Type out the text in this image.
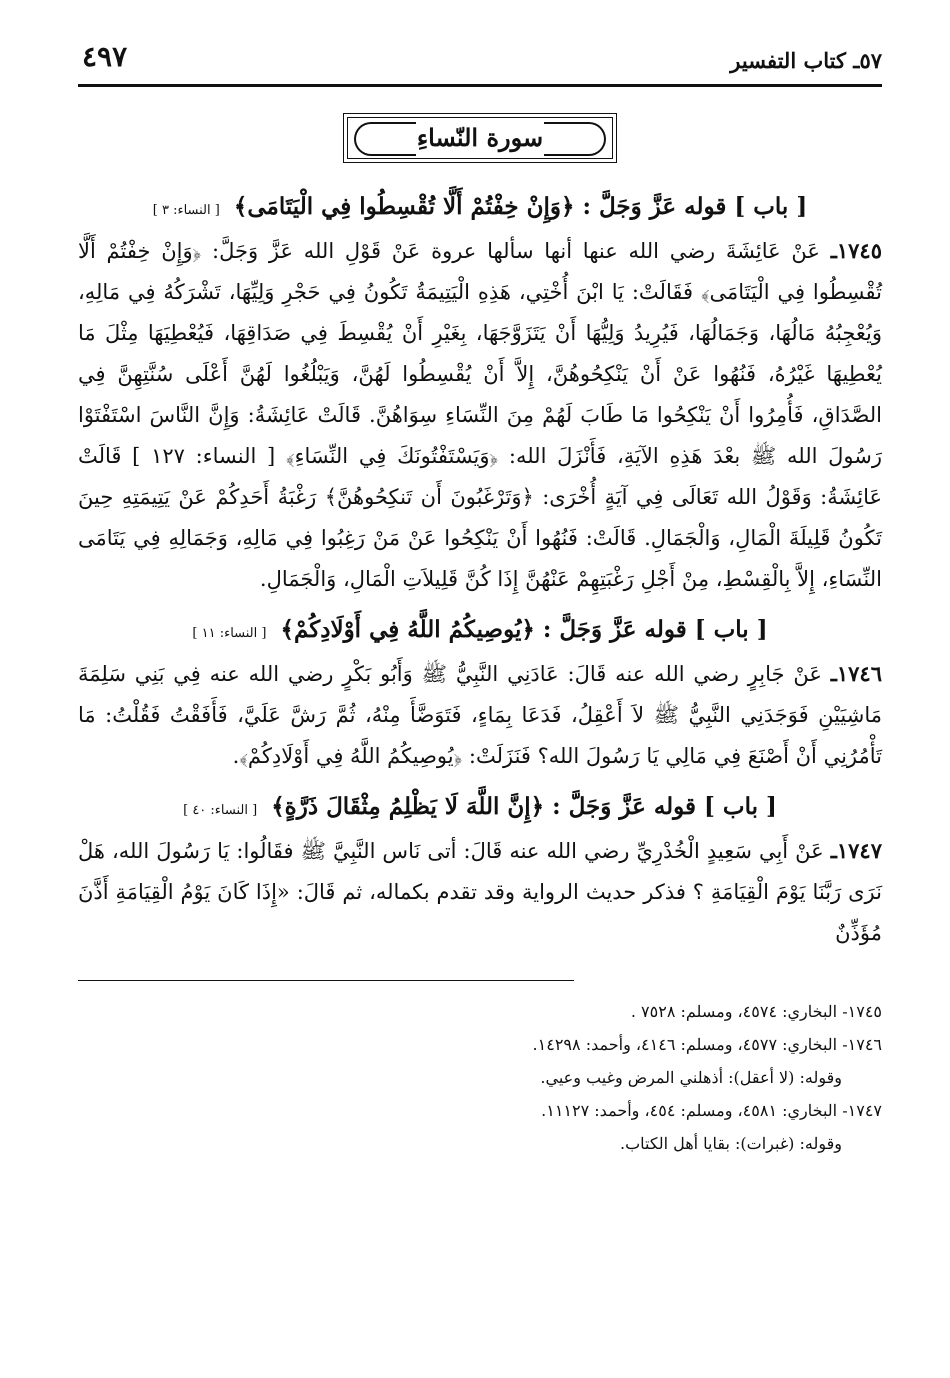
٥٧ـ كتاب التفسير
٤٩٧
سورة النّساءِ
[ باب ] قوله عَزَّ وَجَلَّ : ﴿وَإِنْ خِفْتُمْ أَلَّا تُقْسِطُوا فِي الْيَتَامَى﴾ [ النساء: ٣ ]

١٧٤٥ـ عَنْ عَائِشَةَ رضي الله عنها أنها سألها عروة عَنْ قَوْلِ الله عَزَّ وَجَلَّ: ﴿وَإِنْ خِفْتُمْ أَلَّا تُقْسِطُوا فِي الْيَتَامَى﴾ فَقَالَتْ: يَا ابْنَ أُخْتِي، هَذِهِ الْيَتِيمَةُ تَكُونُ فِي حَجْرِ وَلِيِّهَا، تَشْرَكُهُ فِي مَالِهِ، وَيُعْجِبُهُ مَالُهَا، وَجَمَالُهَا، فَيُرِيدُ وَلِيُّهَا أَنْ يَتَزَوَّجَهَا، بِغَيْرِ أَنْ يُقْسِطَ فِي صَدَاقِهَا، فَيُعْطِيَهَا مِثْلَ مَا يُعْطِيهَا غَيْرُهُ، فَنُهُوا عَنْ أَنْ يَنْكِحُوهُنَّ، إِلاَّ أَنْ يُقْسِطُوا لَهُنَّ، وَيَبْلُغُوا لَهُنَّ أَعْلَى سُنَّتِهِنَّ فِي الصَّدَاقِ، فَأُمِرُوا أَنْ يَنْكِحُوا مَا طَابَ لَهُمْ مِنَ النِّسَاءِ سِوَاهُنَّ. قَالَتْ عَائِشَةُ: وَإِنَّ النَّاسَ اسْتَفْتَوْا رَسُولَ الله ﷺ بعْدَ هَذِهِ الآيَةِ، فَأَنْزَلَ الله: ﴿وَيَسْتَفْتُونَكَ فِي النِّسَاءِ﴾ [ النساء: ١٢٧ ] قَالَتْ عَائِشَةُ: وَقَوْلُ الله تَعَالَى فِي آيَةٍ أُخْرَى: ﴿وَتَرْغَبُونَ أَن تَنكِحُوهُنَّ﴾ رَغْبَةُ أَحَدِكُمْ عَنْ يَتِيمَتِهِ حِينَ تَكُونُ قَلِيلَةَ الْمَالِ، وَالْجَمَالِ. قَالَتْ: فَنُهُوا أَنْ يَنْكِحُوا عَنْ مَنْ رَغِبُوا فِي مَالِهِ، وَجَمَالِهِ فِي يَتَامَى النِّسَاءِ، إِلاَّ بِالْقِسْطِ، مِنْ أَجْلِ رَغْبَتِهِمْ عَنْهُنَّ إِذَا كُنَّ قَلِيلاَتِ الْمَالِ، وَالْجَمَالِ.

[ باب ] قوله عَزَّ وَجَلَّ : ﴿يُوصِيكُمُ اللَّهُ فِي أَوْلَادِكُمْ﴾ [ النساء: ١١ ]

١٧٤٦ـ عَنْ جَابِرٍ رضي الله عنه قَالَ: عَادَنِي النَّبِيُّ ﷺ وَأَبُو بَكْرٍ رضي الله عنه فِي بَنِي سَلِمَةَ مَاشِيَيْنِ فَوَجَدَنِي النَّبِيُّ ﷺ لاَ أَعْقِلُ، فَدَعَا بِمَاءٍ، فَتَوَضَّأَ مِنْهُ، ثُمَّ رَشَّ عَلَيَّ، فَأَفَقْتُ فَقُلْتُ: مَا تَأْمُرُنِي أَنْ أَصْنَعَ فِي مَالِي يَا رَسُولَ الله؟ فَنَزَلَتْ: ﴿يُوصِيكُمُ اللَّهُ فِي أَوْلَادِكُمْ﴾.

[ باب ] قوله عَزَّ وَجَلَّ : ﴿إِنَّ اللَّهَ لَا يَظْلِمُ مِثْقَالَ ذَرَّةٍ﴾ [ النساء: ٤٠ ]

١٧٤٧ـ عَنْ أَبِي سَعِيدٍ الْخُدْرِيِّ رضي الله عنه قَالَ: أتى نَاس النَّبِيَّ ﷺ فقَالُوا: يَا رَسُولَ الله، هَلْ نَرَى رَبَّنَا يَوْمَ الْقِيَامَةِ ؟ فذكر حديث الرواية وقد تقدم بكماله، ثم قَالَ: «إِذَا كَانَ يَوْمُ الْقِيَامَةِ أَذَّنَ مُؤَذِّنٌ

١٧٤٥- البخاري: ٤٥٧٤، ومسلم: ٧٥٢٨ .

١٧٤٦- البخاري: ٤٥٧٧، ومسلم: ٤١٤٦، وأحمد: ١٤٢٩٨.

وقوله: (لا أعقل): أذهلني المرض وغيب وعيي.

١٧٤٧- البخاري: ٤٥٨١، ومسلم: ٤٥٤، وأحمد: ١١١٢٧.

وقوله: (غبرات): بقايا أهل الكتاب.
